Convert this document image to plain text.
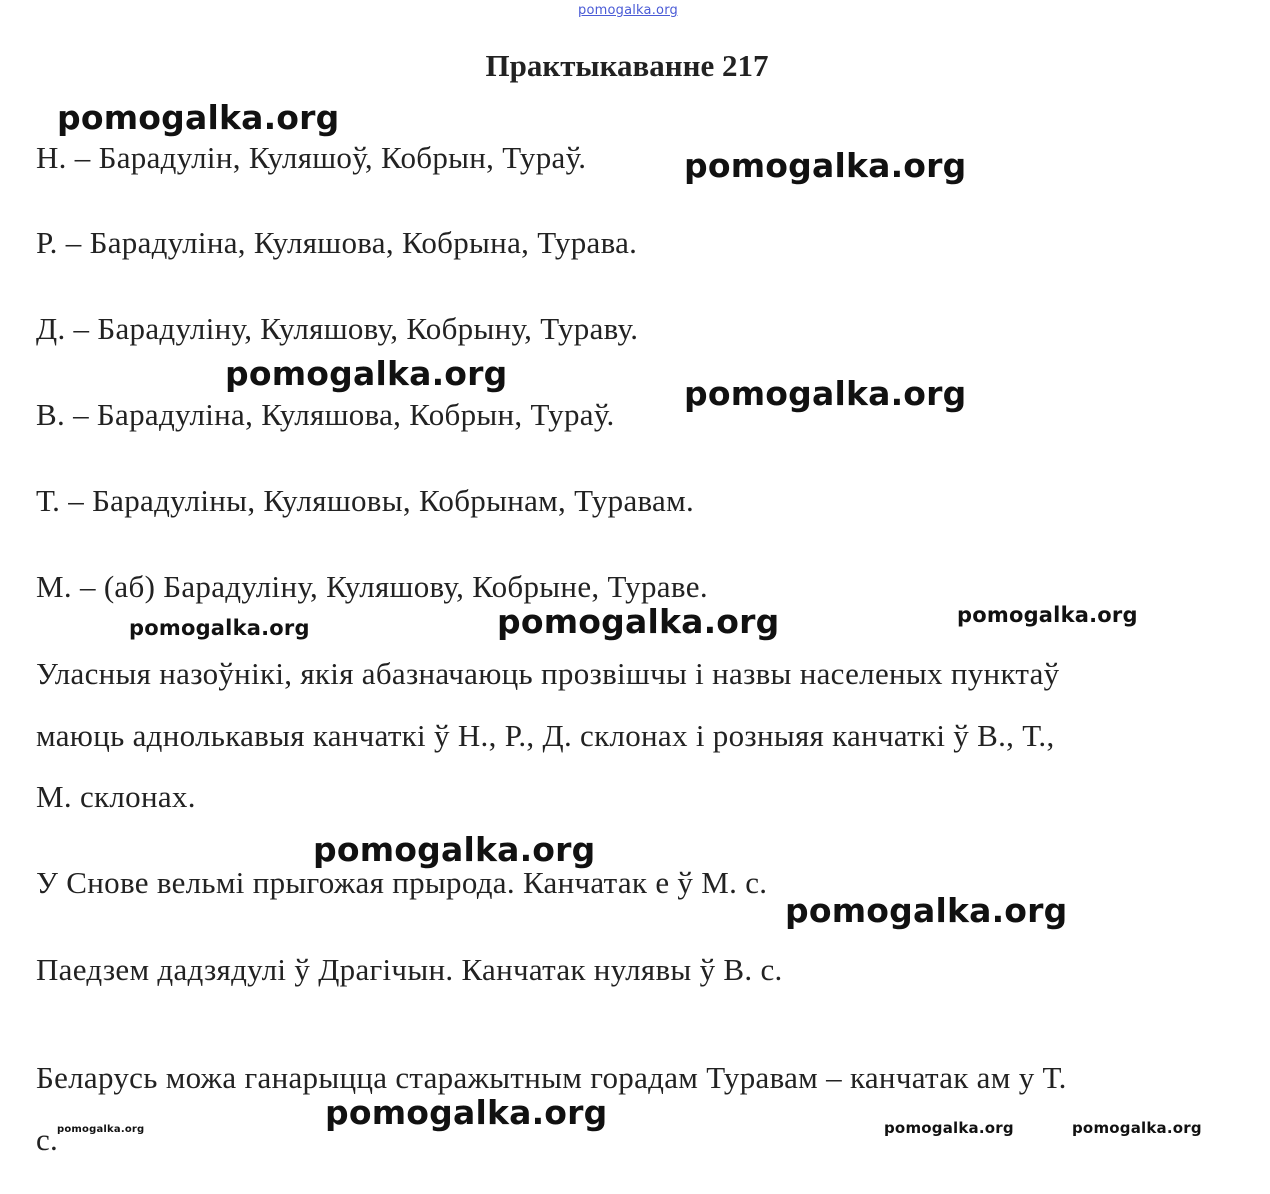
pomogalka.org
Практыкаванне 217
Н. – Барадулін, Куляшоў, Кобрын, Тураў.
Р. – Барадуліна, Куляшова, Кобрына, Турава.
Д. – Барадуліну, Куляшову, Кобрыну, Тураву.
В. – Барадуліна, Куляшова, Кобрын, Тураў.
Т. – Барадуліны, Куляшовы, Кобрынам, Туравам.
М. – (аб) Барадуліну, Куляшову, Кобрыне, Туравe.
Уласныя назоўнікі, якія абазначаюць прозвішчы і назвы населеных пунктаў
маюць аднолькавыя канчаткі ў Н., Р., Д. склонах і розныяя канчаткі ў В., Т.,
М. склонах.
У Снове вельмі прыгожая прырода. Канчатак е ў М. с.
Паедзем дадзядулі ў Драгічын. Канчатак нулявы ў В. с.
Беларусь можа ганарыцца старажытным горадам Туравам – канчатак ам у Т.
с.
pomogalka.org
pomogalka.org
pomogalka.org
pomogalka.org
pomogalka.org	pomogalka.org	pomogalka.org
pomogalka.org
pomogalka.org
pomogalka.org
pomogalka.org	pomogalka.org	pomogalka.org
